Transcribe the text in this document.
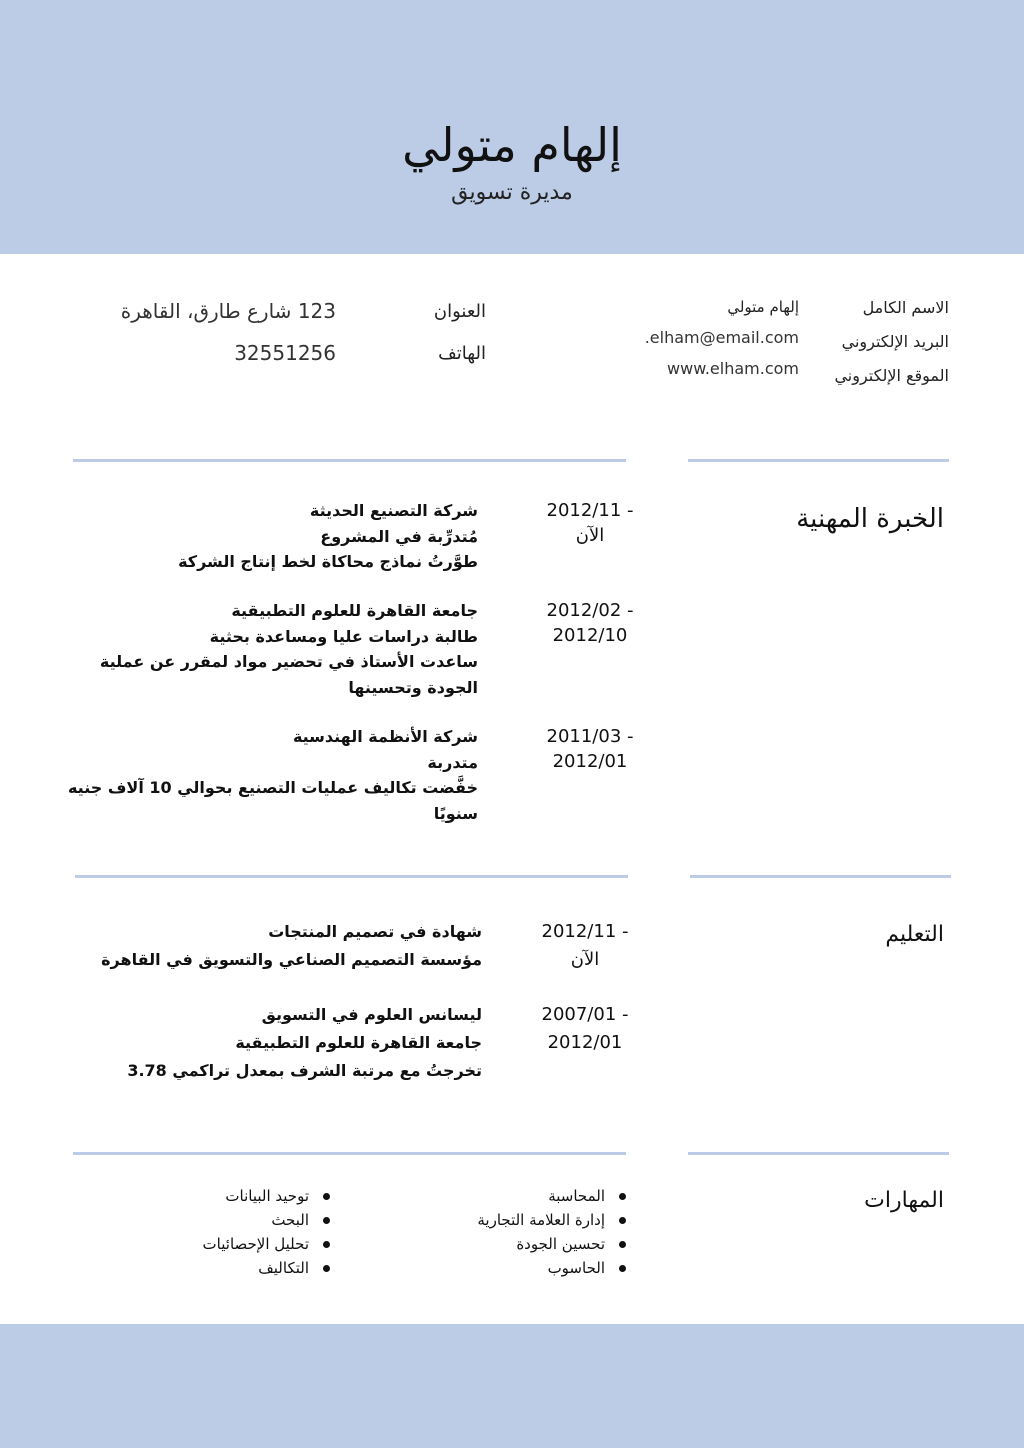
إلهام متولي
مديرة تسويق
الاسم الكامل
إلهام متولي
البريد الإلكتروني
.elham@email.com
الموقع الإلكتروني
www.elham.com
العنوان
123 شارع طارق، القاهرة
الهاتف
32551256
الخبرة المهنية
2012/11 -
الآن
شركة التصنيع الحديثة
مُتدرِّبة في المشروع
طوَّرتُ نماذج محاكاة لخط إنتاج الشركة
2012/02 -
2012/10
جامعة القاهرة للعلوم التطبيقية
طالبة دراسات عليا ومساعدة بحثية
ساعدت الأستاذ في تحضير مواد لمقرر عن عملية
الجودة وتحسينها
2011/03 -
2012/01
شركة الأنظمة الهندسية
متدربة
خفَّضت تكاليف عمليات التصنيع بحوالي 10 آلاف جنيه
سنويًا
التعليم
2012/11 -
الآن
شهادة في تصميم المنتجات
مؤسسة التصميم الصناعي والتسويق في القاهرة
2007/01 -
2012/01
ليسانس العلوم في التسويق
جامعة القاهرة للعلوم التطبيقية
تخرجتُ مع مرتبة الشرف بمعدل تراكمي 3.78
المهارات
المحاسبة
إدارة العلامة التجارية
تحسين الجودة
الحاسوب
توحيد البيانات
البحث
تحليل الإحصائيات
التكاليف
